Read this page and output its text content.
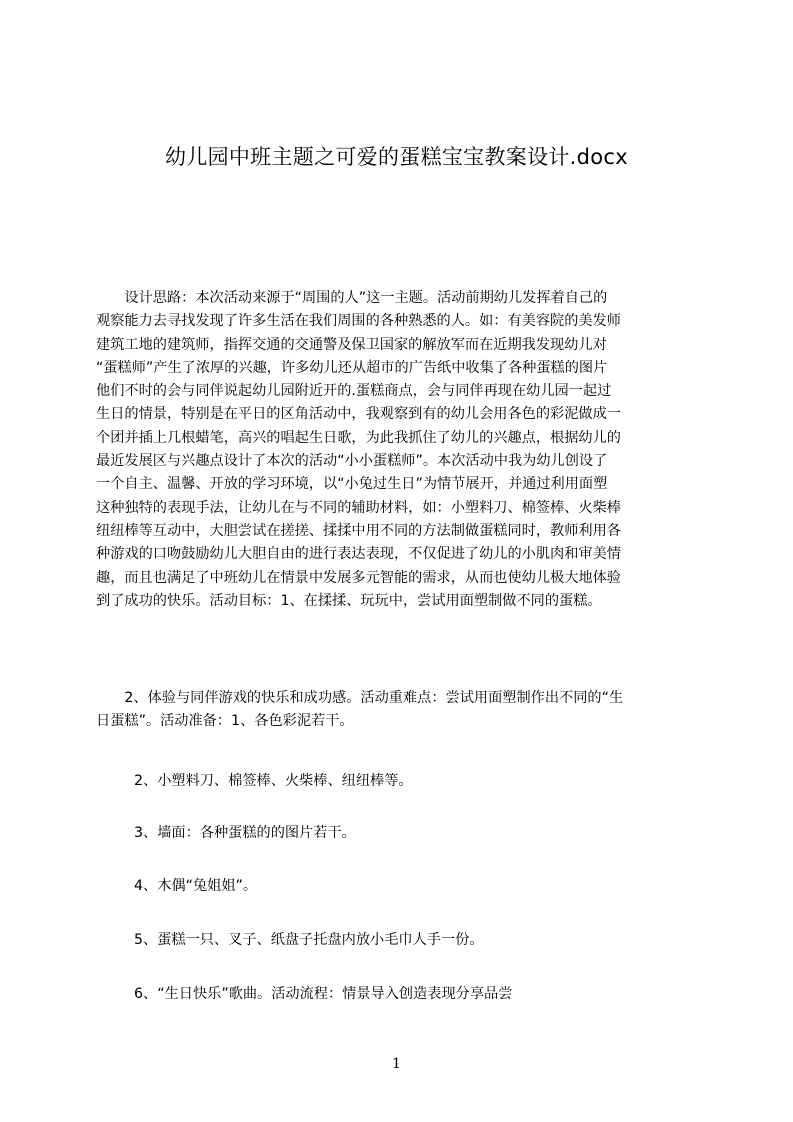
幼儿园中班主题之可爱的蛋糕宝宝教案设计.docx
　　设计思路：本次活动来源于“周围的人”这一主题。活动前期幼儿发挥着自己的
观察能力去寻找发现了许多生活在我们周围的各种熟悉的人。如：有美容院的美发师
建筑工地的建筑师，指挥交通的交通警及保卫国家的解放军而在近期我发现幼儿对
“蛋糕师”产生了浓厚的兴趣，许多幼儿还从超市的广告纸中收集了各种蛋糕的图片
他们不时的会与同伴说起幼儿园附近开的.蛋糕商点，会与同伴再现在幼儿园一起过
生日的情景，特别是在平日的区角活动中，我观察到有的幼儿会用各色的彩泥做成一
个团并插上几根蜡笔，高兴的唱起生日歌，为此我抓住了幼儿的兴趣点，根据幼儿的
最近发展区与兴趣点设计了本次的活动“小小蛋糕师”。本次活动中我为幼儿创设了
一个自主、温馨、开放的学习环境，以“小兔过生日”为情节展开，并通过利用面塑
这种独特的表现手法，让幼儿在与不同的辅助材料，如：小塑料刀、棉签棒、火柴棒
纽纽棒等互动中，大胆尝试在搓搓、揉揉中用不同的方法制做蛋糕同时，教师利用各
种游戏的口吻鼓励幼儿大胆自由的进行表达表现，不仅促进了幼儿的小肌肉和审美情
趣，而且也满足了中班幼儿在情景中发展多元智能的需求，从而也使幼儿极大地体验
到了成功的快乐。活动目标：1、在揉揉、玩玩中，尝试用面塑制做不同的蛋糕。
　　2、体验与同伴游戏的快乐和成功感。活动重难点：尝试用面塑制作出不同的“生
日蛋糕”。活动准备：1、各色彩泥若干。
2、小塑料刀、棉签棒、火柴棒、纽纽棒等。
3、墙面：各种蛋糕的的图片若干。
4、木偶“兔姐姐”。
5、蛋糕一只、叉子、纸盘子托盘内放小毛巾人手一份。
6、“生日快乐”歌曲。活动流程：情景导入创造表现分享品尝
1
